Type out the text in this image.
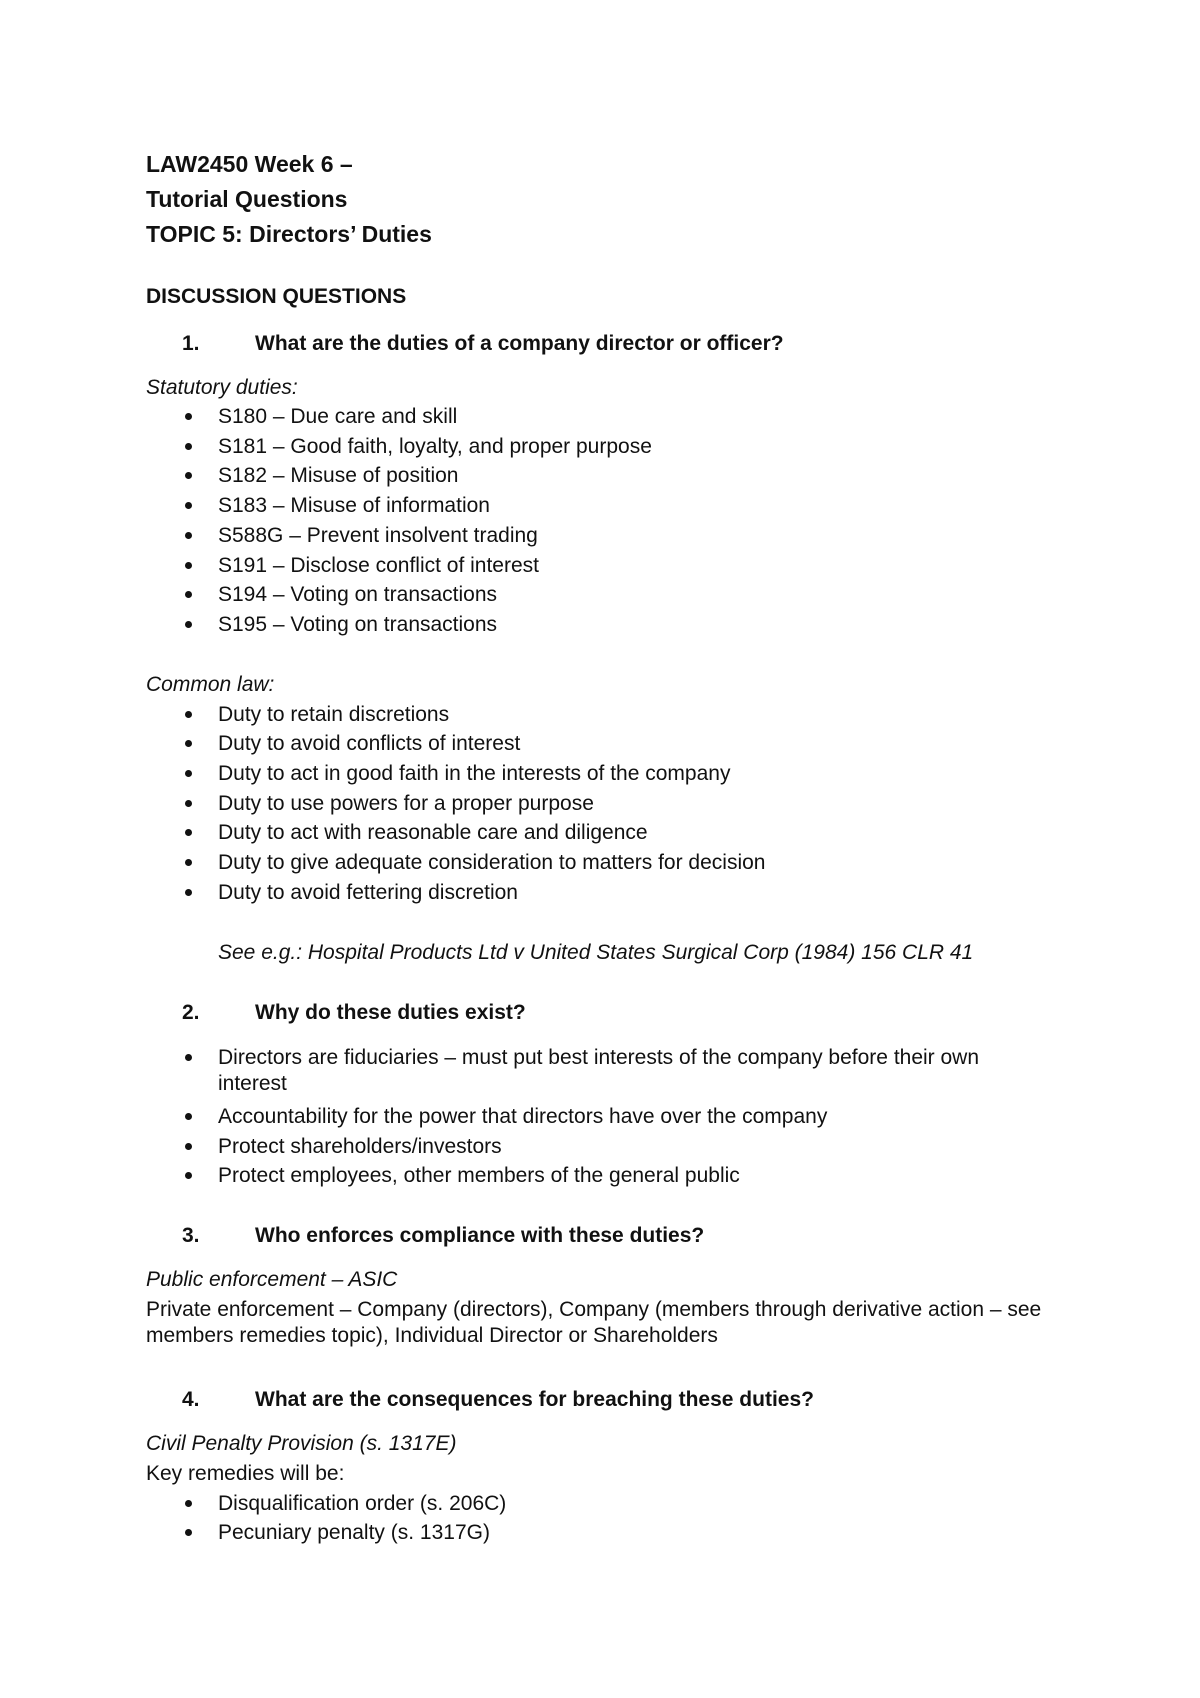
LAW2450 Week 6 –

Tutorial Questions

TOPIC 5: Directors’ Duties

DISCUSSION QUESTIONS

1.	What are the duties of a company director or officer?

Statutory duties:

S180 – Due care and skill
S181 – Good faith, loyalty, and proper purpose
S182 – Misuse of position
S183 – Misuse of information
S588G – Prevent insolvent trading
S191 – Disclose conflict of interest
S194 – Voting on transactions
S195 – Voting on transactions

Common law:

Duty to retain discretions
Duty to avoid conflicts of interest
Duty to act in good faith in the interests of the company
Duty to use powers for a proper purpose
Duty to act with reasonable care and diligence
Duty to give adequate consideration to matters for decision
Duty to avoid fettering discretion

See e.g.: Hospital Products Ltd v United States Surgical Corp (1984) 156 CLR 41

2.	Why do these duties exist?

Directors are fiduciaries – must put best interests of the company before their own interest
Accountability for the power that directors have over the company
Protect shareholders/investors
Protect employees, other members of the general public

3.	Who enforces compliance with these duties?

Public enforcement – ASIC

Private enforcement – Company (directors), Company (members through derivative action – see members remedies topic), Individual Director or Shareholders

4.	What are the consequences for breaching these duties?

Civil Penalty Provision (s. 1317E)

Key remedies will be:

Disqualification order (s. 206C)
Pecuniary penalty (s. 1317G)
